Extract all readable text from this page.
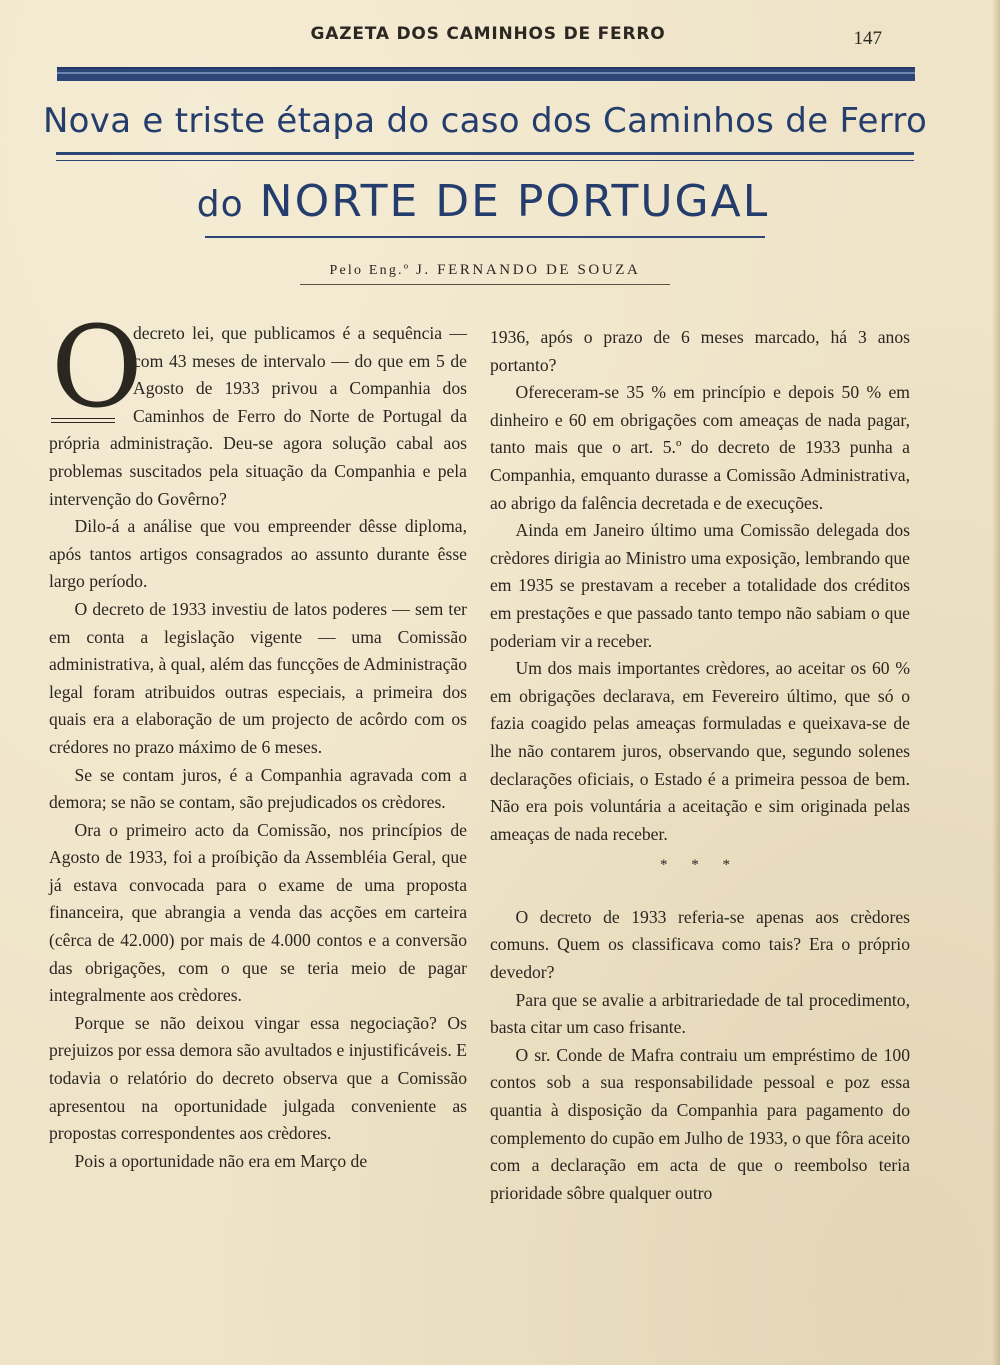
GAZETA DOS CAMINHOS DE FERRO	147
Nova e triste étapa do caso dos Caminhos de Ferro
do NORTE DE PORTUGAL
Pelo Eng.º J. FERNANDO DE SOUZA
O

decreto lei, que publicamos é a sequência — com 43 meses de intervalo — do que em 5 de Agosto de 1933 privou a Companhia dos Caminhos de Ferro do Norte de Portugal da própria administração. Deu-se agora solução cabal aos problemas suscitados pela situação da Companhia e pela intervenção do Govêrno?

Dilo-á a análise que vou empreender dêsse diploma, após tantos artigos consagrados ao assunto durante êsse largo período.

O decreto de 1933 investiu de latos poderes — sem ter em conta a legislação vigente — uma Comissão administrativa, à qual, além das funcções de Administração legal foram atribuidos outras especiais, a primeira dos quais era a elaboração de um projecto de acôrdo com os crédores no prazo máximo de 6 meses.

Se se contam juros, é a Companhia agravada com a demora; se não se contam, são prejudicados os crèdores.

Ora o primeiro acto da Comissão, nos princípios de Agosto de 1933, foi a proíbição da Assembléia Geral, que já estava convocada para o exame de uma proposta financeira, que abrangia a venda das acções em carteira (cêrca de 42.000) por mais de 4.000 contos e a conversão das obrigações, com o que se teria meio de pagar integralmente aos crèdores.

Porque se não deixou vingar essa negociação? Os prejuizos por essa demora são avultados e injustificáveis. E todavia o relatório do decreto observa que a Comissão apresentou na oportunidade julgada conveniente as propostas correspondentes aos crèdores.

Pois a oportunidade não era em Março de

1936, após o prazo de 6 meses marcado, há 3 anos portanto?

Ofereceram-se 35 % em princípio e depois 50 % em dinheiro e 60 em obrigações com ameaças de nada pagar, tanto mais que o art. 5.º do decreto de 1933 punha a Companhia, emquanto durasse a Comissão Administrativa, ao abrigo da falência decretada e de execuções.

Ainda em Janeiro último uma Comissão delegada dos crèdores dirigia ao Ministro uma exposição, lembrando que em 1935 se prestavam a receber a totalidade dos créditos em prestações e que passado tanto tempo não sabiam o que poderiam vir a receber.

Um dos mais importantes crèdores, ao aceitar os 60 % em obrigações declarava, em Fevereiro último, que só o fazia coagido pelas ameaças formuladas e queixava-se de lhe não contarem juros, observando que, segundo solenes declarações oficiais, o Estado é a primeira pessoa de bem. Não era pois voluntária a aceitação e sim originada pelas ameaças de nada receber.

* * *

O decreto de 1933 referia-se apenas aos crèdores comuns. Quem os classificava como tais? Era o próprio devedor?

Para que se avalie a arbitrariedade de tal procedimento, basta citar um caso frisante.

O sr. Conde de Mafra contraiu um empréstimo de 100 contos sob a sua responsabilidade pessoal e poz essa quantia à disposição da Companhia para pagamento do complemento do cupão em Julho de 1933, o que fôra aceito com a declaração em acta de que o reembolso teria prioridade sôbre qualquer outro
